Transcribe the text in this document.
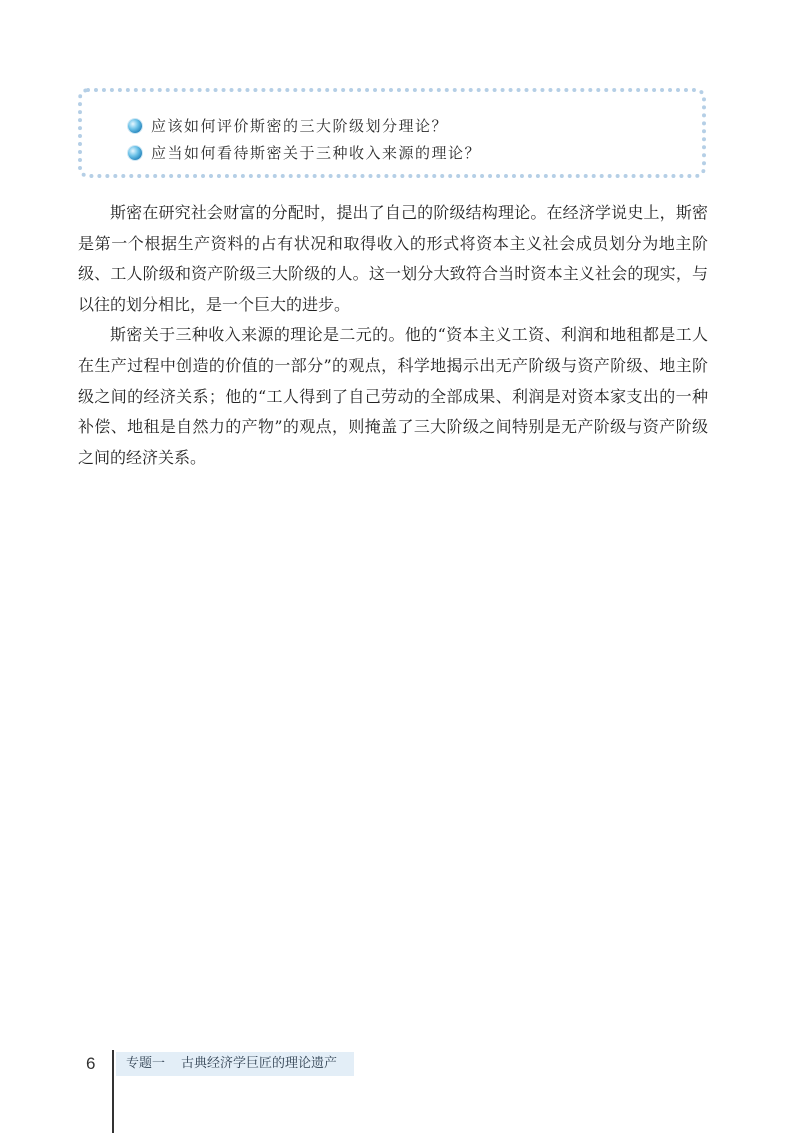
应该如何评价斯密的三大阶级划分理论？
应当如何看待斯密关于三种收入来源的理论？

斯密在研究社会财富的分配时，提出了自己的阶级结构理论。在经济学说史上，斯密是第一个根据生产资料的占有状况和取得收入的形式将资本主义社会成员划分为地主阶级、工人阶级和资产阶级三大阶级的人。这一划分大致符合当时资本主义社会的现实，与以往的划分相比，是一个巨大的进步。

斯密关于三种收入来源的理论是二元的。他的“资本主义工资、利润和地租都是工人在生产过程中创造的价值的一部分”的观点，科学地揭示出无产阶级与资产阶级、地主阶级之间的经济关系；他的“工人得到了自己劳动的全部成果、利润是对资本家支出的一种补偿、地租是自然力的产物”的观点，则掩盖了三大阶级之间特别是无产阶级与资产阶级之间的经济关系。

6	专题一 古典经济学巨匠的理论遗产
